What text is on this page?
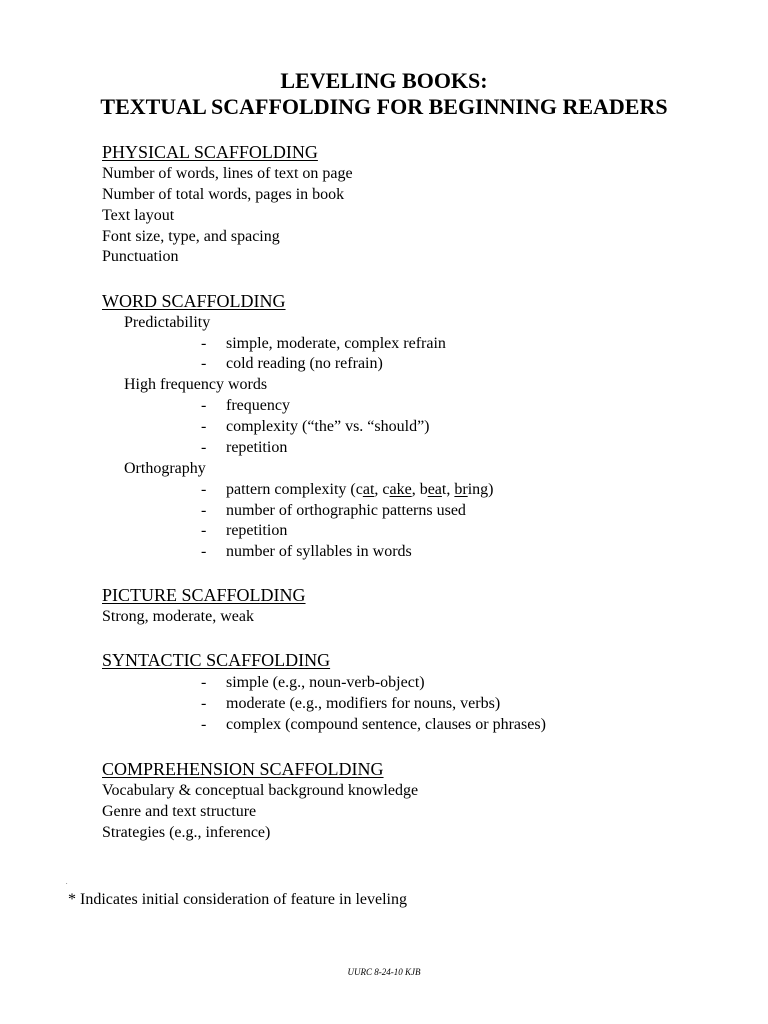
LEVELING BOOKS:
TEXTUAL SCAFFOLDING FOR BEGINNING READERS
PHYSICAL SCAFFOLDING
Number of words, lines of text on page
Number of total words, pages in book
Text layout
Font size, type, and spacing
Punctuation
WORD SCAFFOLDING
Predictability
- simple, moderate, complex refrain
- cold reading (no refrain)
High frequency words
- frequency
- complexity (“the” vs. “should”)
- repetition
Orthography
- pattern complexity (cat, cake, beat, bring)
- number of orthographic patterns used
- repetition
- number of syllables in words
PICTURE SCAFFOLDING
Strong, moderate, weak
SYNTACTIC SCAFFOLDING
- simple (e.g., noun-verb-object)
- moderate (e.g., modifiers for nouns, verbs)
- complex (compound sentence, clauses or phrases)
COMPREHENSION SCAFFOLDING
Vocabulary & conceptual background knowledge
Genre and text structure
Strategies (e.g., inference)
.
* Indicates initial consideration of feature in leveling
UURC 8-24-10 KJB
